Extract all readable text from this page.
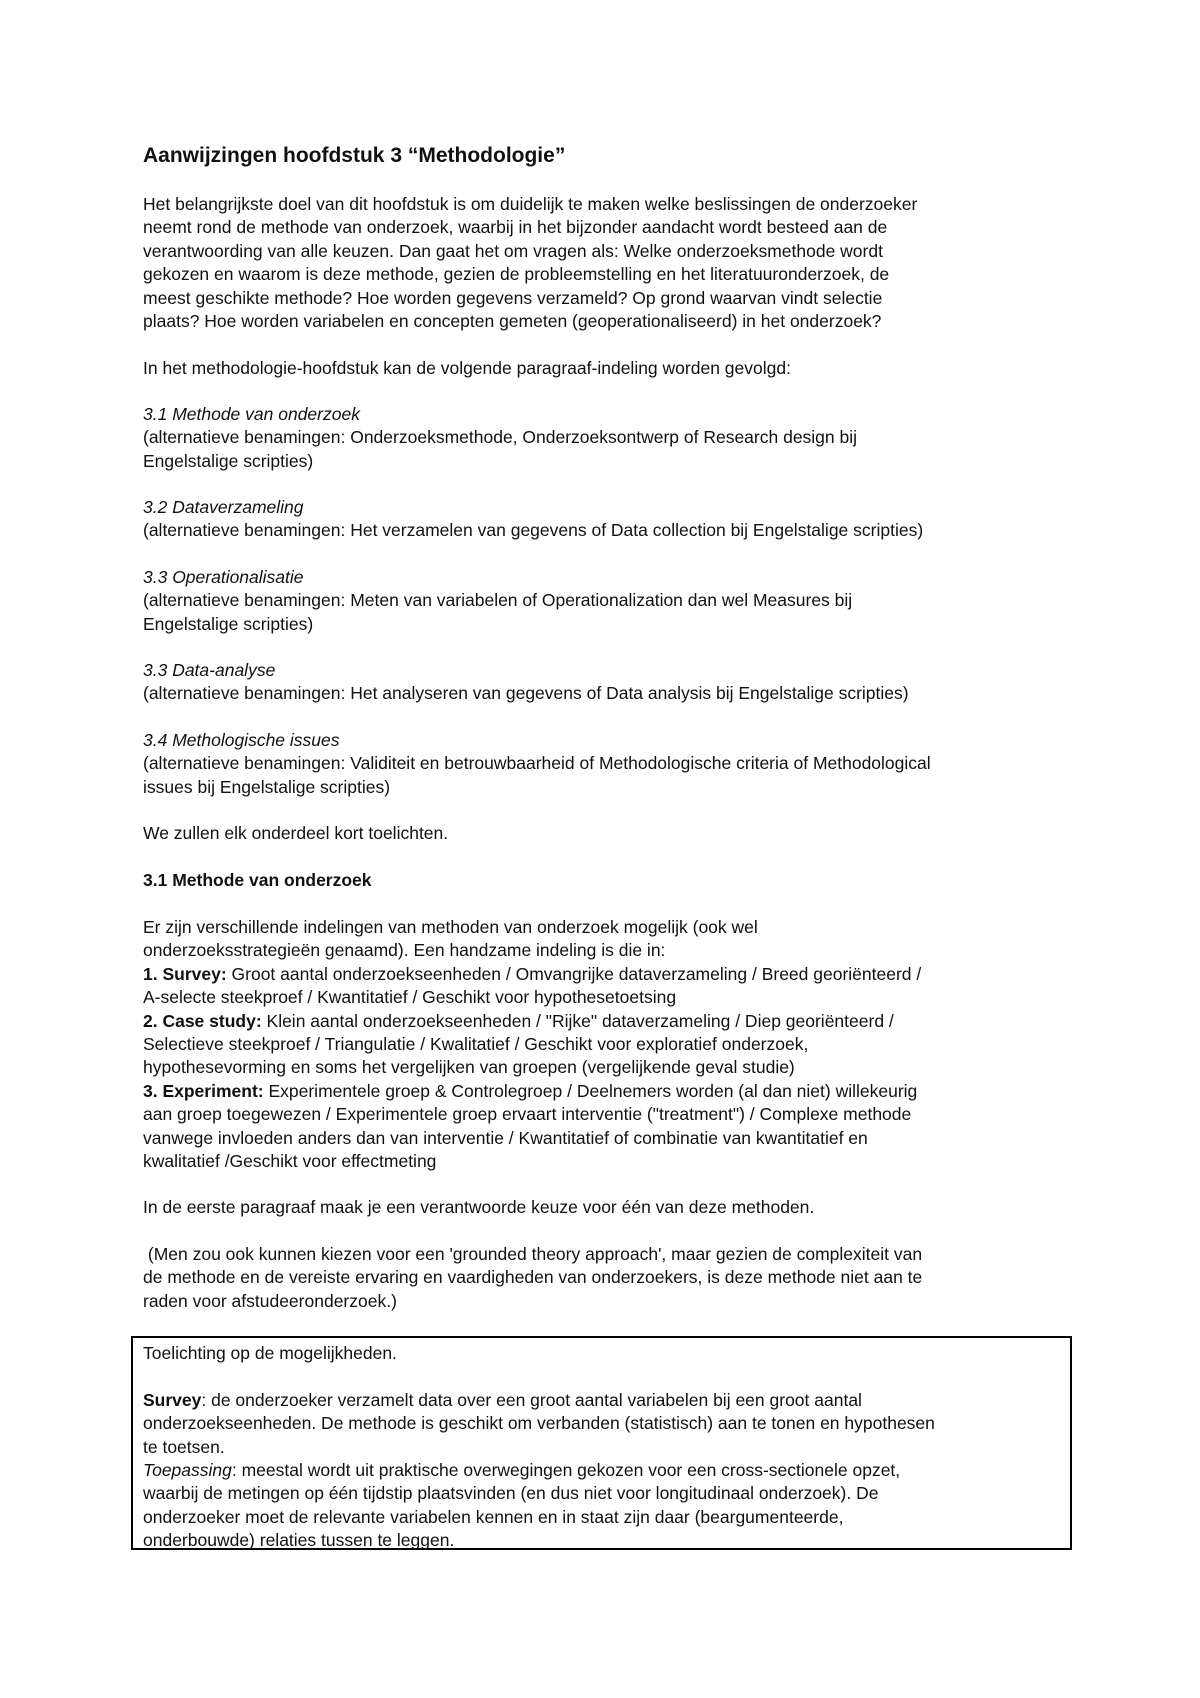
Aanwijzingen hoofdstuk 3 “Methodologie”
Het belangrijkste doel van dit hoofdstuk is om duidelijk te maken welke beslissingen de onderzoeker
neemt rond de methode van onderzoek, waarbij in het bijzonder aandacht wordt besteed aan de
verantwoording van alle keuzen. Dan gaat het om vragen als: Welke onderzoeksmethode wordt
gekozen en waarom is deze methode, gezien de probleemstelling en het literatuuronderzoek, de
meest geschikte methode? Hoe worden gegevens verzameld? Op grond waarvan vindt selectie
plaats? Hoe worden variabelen en concepten gemeten (geoperationaliseerd) in het onderzoek?
In het methodologie-hoofdstuk kan de volgende paragraaf-indeling worden gevolgd:
3.1 Methode van onderzoek
(alternatieve benamingen: Onderzoeksmethode, Onderzoeksontwerp of Research design bij
Engelstalige scripties)
3.2 Dataverzameling
(alternatieve benamingen: Het verzamelen van gegevens of Data collection bij Engelstalige scripties)
3.3 Operationalisatie
(alternatieve benamingen: Meten van variabelen of Operationalization dan wel Measures bij
Engelstalige scripties)
3.3 Data-analyse
(alternatieve benamingen: Het analyseren van gegevens of Data analysis bij Engelstalige scripties)
3.4 Methologische issues
(alternatieve benamingen: Validiteit en betrouwbaarheid of Methodologische criteria of Methodological
issues bij Engelstalige scripties)
We zullen elk onderdeel kort toelichten.
3.1 Methode van onderzoek
Er zijn verschillende indelingen van methoden van onderzoek mogelijk (ook wel
onderzoeksstrategieën genaamd). Een handzame indeling is die in:
1. Survey: Groot aantal onderzoekseenheden / Omvangrijke dataverzameling / Breed georiënteerd /
A-selecte steekproef / Kwantitatief / Geschikt voor hypothesetoetsing
2. Case study: Klein aantal onderzoekseenheden / "Rijke" dataverzameling / Diep georiënteerd /
Selectieve steekproef / Triangulatie / Kwalitatief / Geschikt voor exploratief onderzoek,
hypothesevorming en soms het vergelijken van groepen (vergelijkende geval studie)
3. Experiment: Experimentele groep & Controlegroep / Deelnemers worden (al dan niet) willekeurig
aan groep toegewezen / Experimentele groep ervaart interventie ("treatment") / Complexe methode
vanwege invloeden anders dan van interventie / Kwantitatief of combinatie van kwantitatief en
kwalitatief /Geschikt voor effectmeting
In de eerste paragraaf maak je een verantwoorde keuze voor één van deze methoden.
(Men zou ook kunnen kiezen voor een 'grounded theory approach', maar gezien de complexiteit van
de methode en de vereiste ervaring en vaardigheden van onderzoekers, is deze methode niet aan te
raden voor afstudeeronderzoek.)
Toelichting op de mogelijkheden.
Survey: de onderzoeker verzamelt data over een groot aantal variabelen bij een groot aantal
onderzoekseenheden. De methode is geschikt om verbanden (statistisch) aan te tonen en hypothesen
te toetsen.
Toepassing: meestal wordt uit praktische overwegingen gekozen voor een cross-sectionele opzet,
waarbij de metingen op één tijdstip plaatsvinden (en dus niet voor longitudinaal onderzoek). De
onderzoeker moet de relevante variabelen kennen en in staat zijn daar (beargumenteerde,
onderbouwde) relaties tussen te leggen.
